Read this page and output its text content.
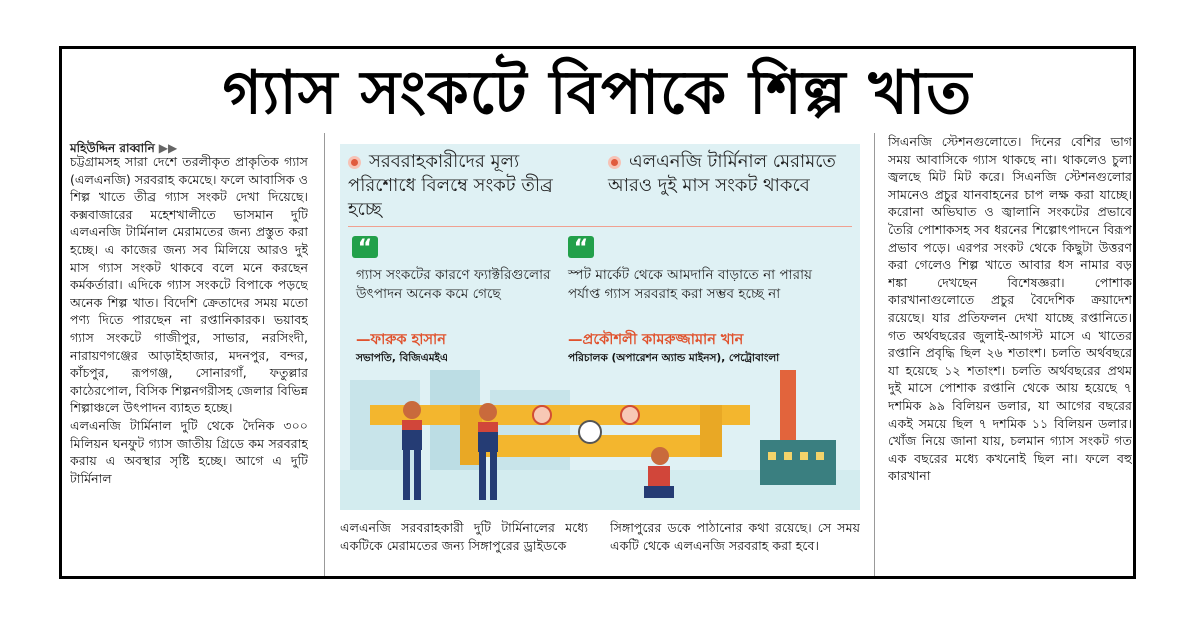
গ্যাস সংকটে বিপাকে শিল্প খাত
মহিউদ্দিন রাব্বানি ▶▶

চট্টগ্রামসহ সারা দেশে তরলীকৃত প্রাকৃতিক গ্যাস (এলএনজি) সরবরাহ কমেছে। ফলে আবাসিক ও শিল্প খাতে তীব্র গ্যাস সংকট দেখা দিয়েছে। কক্সবাজারের মহেশখালীতে ভাসমান দুটি এলএনজি টার্মিনাল মেরামতের জন্য প্রস্তুত করা হচ্ছে। এ কাজের জন্য সব মিলিয়ে আরও দুই মাস গ্যাস সংকট থাকবে বলে মনে করছেন কর্মকর্তারা। এদিকে গ্যাস সংকটে বিপাকে পড়ছে অনেক শিল্প খাত। বিদেশি ক্রেতাদের সময় মতো পণ্য দিতে পারছেন না রপ্তানিকারক। ভয়াবহ গ্যাস সংকটে গাজীপুর, সাভার, নরসিংদী, নারায়ণগঞ্জের আড়াইহাজার, মদনপুর, বন্দর, কাঁচপুর, রূপগঞ্জ, সোনারগাঁ, ফতুল্লার কাঠেরপোল, বিসিক শিল্পনগরীসহ জেলার বিভিন্ন শিল্পাঞ্চলে উৎপাদন ব্যাহত হচ্ছে।

এলএনজি টার্মিনাল দুটি থেকে দৈনিক ৩০০ মিলিয়ন ঘনফুট গ্যাস জাতীয় গ্রিডে কম সরবরাহ করায় এ অবস্থার সৃষ্টি হচ্ছে। আগে এ দুটি টার্মিনাল

সরবরাহকারীদের মূল্য পরিশোধে বিলম্বে সংকট তীব্র হচ্ছে
এলএনজি টার্মিনাল মেরামতে আরও দুই মাস সংকট থাকবে
“
গ্যাস সংকটের কারণে ফ্যাক্টরিগুলোর উৎপাদন অনেক কমে গেছে
—ফারুক হাসান
সভাপতি, বিজিএমইএ
“
স্পট মার্কেট থেকে আমদানি বাড়াতে না পারায় পর্যাপ্ত গ্যাস সরবরাহ করা সম্ভব হচ্ছে না
—প্রকৌশলী কামরুজ্জামান খান
পরিচালক (অপারেশন অ্যান্ড মাইনস), পেট্রোবাংলা
এলএনজি সরবরাহকারী দুটি টার্মিনালের মধ্যে একটিকে মেরামতের জন্য সিঙ্গাপুরের ড্রাইডকে
সিঙ্গাপুরের ডকে পাঠানোর কথা রয়েছে। সে সময় একটি থেকে এলএনজি সরবরাহ করা হবে।
সিএনজি স্টেশনগুলোতে। দিনের বেশির ভাগ সময় আবাসিকে গ্যাস থাকছে না। থাকলেও চুলা জ্বলছে মিট মিট করে। সিএনজি স্টেশনগুলোর সামনেও প্রচুর যানবাহনের চাপ লক্ষ করা যাচ্ছে। করোনা অভিঘাত ও জ্বালানি সংকটের প্রভাবে তৈরি পোশাকসহ সব ধরনের শিল্পোৎপাদনে বিরূপ প্রভাব পড়ে। এরপর সংকট থেকে কিছুটা উত্তরণ করা গেলেও শিল্প খাতে আবার ধস নামার বড় শঙ্কা দেখছেন বিশেষজ্ঞরা। পোশাক কারখানাগুলোতে প্রচুর বৈদেশিক ক্রয়াদেশ রয়েছে। যার প্রতিফলন দেখা যাচ্ছে রপ্তানিতে। গত অর্থবছরের জুলাই-আগস্ট মাসে এ খাতের রপ্তানি প্রবৃদ্ধি ছিল ২৬ শতাংশ। চলতি অর্থবছরে যা হয়েছে ১২ শতাংশ। চলতি অর্থবছরের প্রথম দুই মাসে পোশাক রপ্তানি থেকে আয় হয়েছে ৭ দশমিক ৯৯ বিলিয়ন ডলার, যা আগের বছরের একই সময়ে ছিল ৭ দশমিক ১১ বিলিয়ন ডলার। খোঁজ নিয়ে জানা যায়, চলমান গ্যাস সংকট গত এক বছরের মধ্যে কখনোই ছিল না। ফলে বহু কারখানা
